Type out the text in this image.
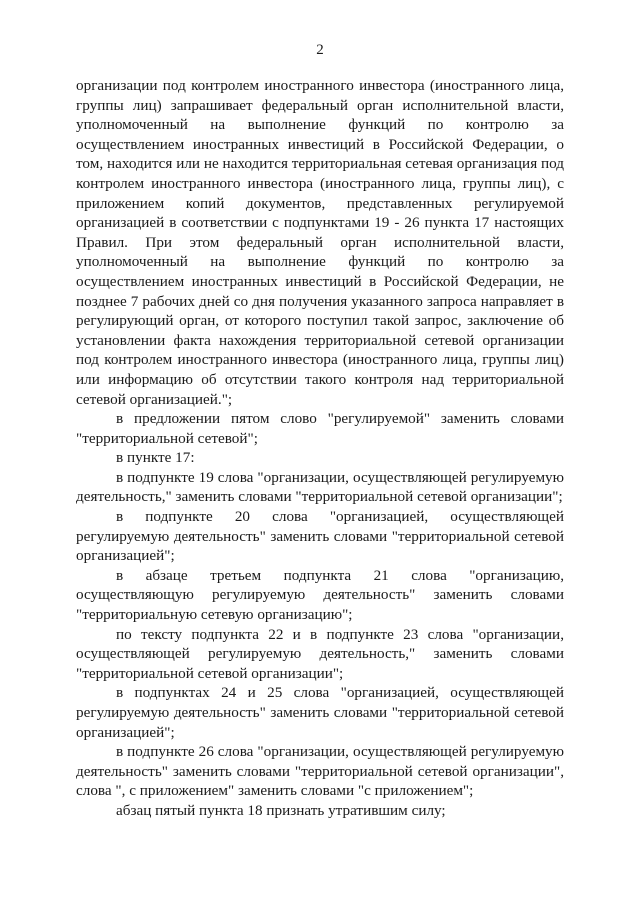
2

организации под контролем иностранного инвестора (иностранного лица, группы лиц) запрашивает федеральный орган исполнительной власти, уполномоченный на выполнение функций по контролю за осуществлением иностранных инвестиций в Российской Федерации, о том, находится или не находится территориальная сетевая организация под контролем иностранного инвестора (иностранного лица, группы лиц), с приложением копий документов, представленных регулируемой организацией в соответствии с подпунктами 19 - 26 пункта 17 настоящих Правил. При этом федеральный орган исполнительной власти, уполномоченный на выполнение функций по контролю за осуществлением иностранных инвестиций в Российской Федерации, не позднее 7 рабочих дней со дня получения указанного запроса направляет в регулирующий орган, от которого поступил такой запрос, заключение об установлении факта нахождения территориальной сетевой организации под контролем иностранного инвестора (иностранного лица, группы лиц) или информацию об отсутствии такого контроля над территориальной сетевой организацией.";

в предложении пятом слово "регулируемой" заменить словами "территориальной сетевой";

в пункте 17:

в подпункте 19 слова "организации, осуществляющей регулируемую деятельность," заменить словами "территориальной сетевой организации";

в подпункте 20 слова "организацией, осуществляющей регулируемую деятельность" заменить словами "территориальной сетевой организацией";

в абзаце третьем подпункта 21 слова "организацию, осуществляющую регулируемую деятельность" заменить словами "территориальную сетевую организацию";

по тексту подпункта 22 и в подпункте 23 слова "организации, осуществляющей регулируемую деятельность," заменить словами "территориальной сетевой организации";

в подпунктах 24 и 25 слова "организацией, осуществляющей регулируемую деятельность" заменить словами "территориальной сетевой организацией";

в подпункте 26 слова "организации, осуществляющей регулируемую деятельность" заменить словами "территориальной сетевой организации", слова ", с приложением" заменить словами "с приложением";

абзац пятый пункта 18 признать утратившим силу;
